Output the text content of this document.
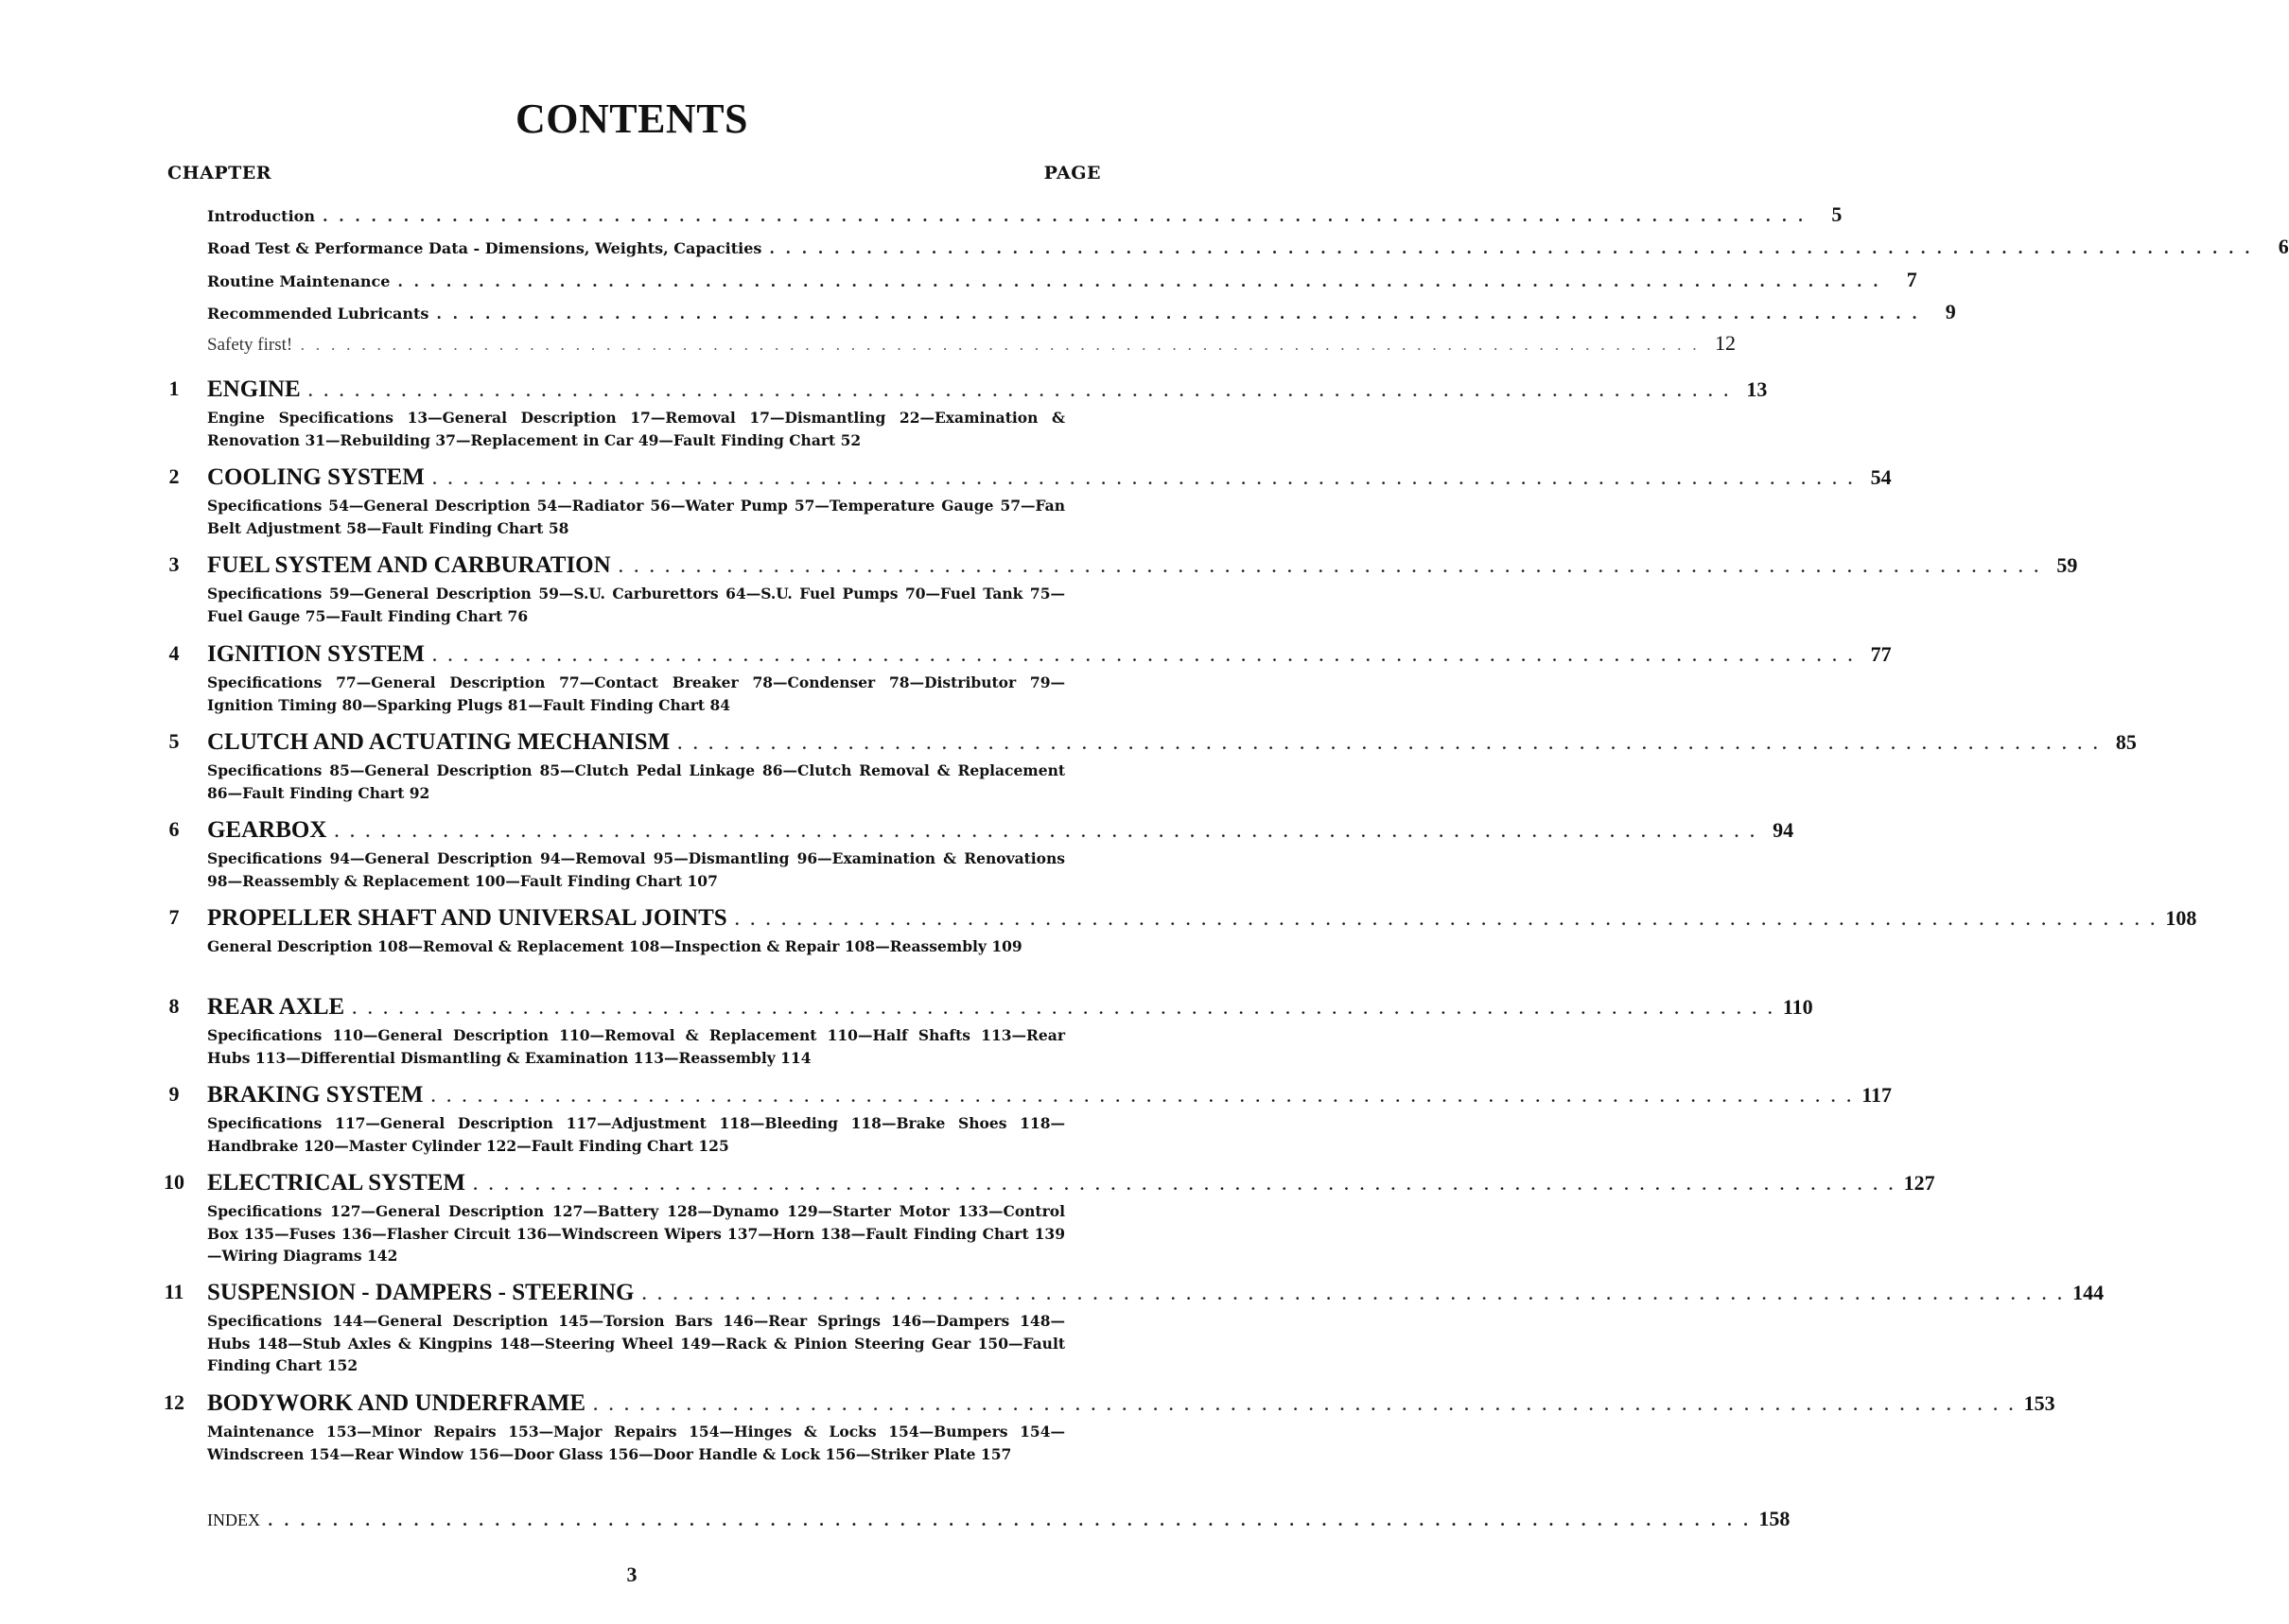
CONTENTS
CHAPTER	PAGE
Introduction . . . . . . . . . . . . . . . . . . . . . . . . . . . . . . . . . . . . . . . . . . . . . . . . . . . . . . . . . . . . . . . . . . . . . . . . . . . . . . . . . . . . . . . . . . . .	5
Road Test & Performance Data - Dimensions, Weights, Capacities . . . . . . . . . . . . . . . . . . . . . . . . . . . . . . . . . . . . . . . . . . . . . . . . . . . . . . . . . . . . . . . . . . . . . . . . . . . . . . . . . . . . . . . . . . . .	6
Routine Maintenance . . . . . . . . . . . . . . . . . . . . . . . . . . . . . . . . . . . . . . . . . . . . . . . . . . . . . . . . . . . . . . . . . . . . . . . . . . . . . . . . . . . . . . . . . . . .	7
Recommended Lubricants . . . . . . . . . . . . . . . . . . . . . . . . . . . . . . . . . . . . . . . . . . . . . . . . . . . . . . . . . . . . . . . . . . . . . . . . . . . . . . . . . . . . . . . . . . . .	9
Safety first! . . . . . . . . . . . . . . . . . . . . . . . . . . . . . . . . . . . . . . . . . . . . . . . . . . . . . . . . . . . . . . . . . . . . . . . . . . . . . . . . . . . . . . . . . . . . 12
1	ENGINE . . . . . . . . . . . . . . . . . . . . . . . . . . . . . . . . . . . . . . . . . . . . . . . . . . . . . . . . . . . . . . . . . . . . . . . . . . . . . . . . . . . . . . . . . . . . 13
Engine Specifications 13—General Description 17—Removal 17—Dismantling 22—Examination & Renovation 31—Rebuilding 37—Replacement in Car 49—Fault Finding Chart 52
2	COOLING SYSTEM . . . . . . . . . . . . . . . . . . . . . . . . . . . . . . . . . . . . . . . . . . . . . . . . . . . . . . . . . . . . . . . . . . . . . . . . . . . . . . . . . . . . . . . . . . . . 54
Specifications 54—General Description 54—Radiator 56—Water Pump 57—Temperature Gauge 57—Fan Belt Adjustment 58—Fault Finding Chart 58
3	FUEL SYSTEM AND CARBURATION . . . . . . . . . . . . . . . . . . . . . . . . . . . . . . . . . . . . . . . . . . . . . . . . . . . . . . . . . . . . . . . . . . . . . . . . . . . . . . . . . . . . . . . . . . . . 59
Specifications 59—General Description 59—S.U. Carburettors 64—S.U. Fuel Pumps 70—Fuel Tank 75—Fuel Gauge 75—Fault Finding Chart 76
4	IGNITION SYSTEM . . . . . . . . . . . . . . . . . . . . . . . . . . . . . . . . . . . . . . . . . . . . . . . . . . . . . . . . . . . . . . . . . . . . . . . . . . . . . . . . . . . . . . . . . . . . 77
Specifications 77—General Description 77—Contact Breaker 78—Condenser 78—Distributor 79—Ignition Timing 80—Sparking Plugs 81—Fault Finding Chart 84
5	CLUTCH AND ACTUATING MECHANISM . . . . . . . . . . . . . . . . . . . . . . . . . . . . . . . . . . . . . . . . . . . . . . . . . . . . . . . . . . . . . . . . . . . . . . . . . . . . . . . . . . . . . . . . . . . . 85
Specifications 85—General Description 85—Clutch Pedal Linkage 86—Clutch Removal & Replacement 86—Fault Finding Chart 92
6	GEARBOX . . . . . . . . . . . . . . . . . . . . . . . . . . . . . . . . . . . . . . . . . . . . . . . . . . . . . . . . . . . . . . . . . . . . . . . . . . . . . . . . . . . . . . . . . . . . 94
Specifications 94—General Description 94—Removal 95—Dismantling 96—Examination & Renovations 98—Reassembly & Replacement 100—Fault Finding Chart 107
7	PROPELLER SHAFT AND UNIVERSAL JOINTS . . . . . . . . . . . . . . . . . . . . . . . . . . . . . . . . . . . . . . . . . . . . . . . . . . . . . . . . . . . . . . . . . . . . . . . . . . . . . . . . . . . . . . . . . . . . 108
General Description 108—Removal & Replacement 108—Inspection & Repair 108—Reassembly 109
8	REAR AXLE . . . . . . . . . . . . . . . . . . . . . . . . . . . . . . . . . . . . . . . . . . . . . . . . . . . . . . . . . . . . . . . . . . . . . . . . . . . . . . . . . . . . . . . . . . . . 110
Specifications 110—General Description 110—Removal & Replacement 110—Half Shafts 113—Rear Hubs 113—Differential Dismantling & Examination 113—Reassembly 114
9	BRAKING SYSTEM . . . . . . . . . . . . . . . . . . . . . . . . . . . . . . . . . . . . . . . . . . . . . . . . . . . . . . . . . . . . . . . . . . . . . . . . . . . . . . . . . . . . . . . . . . . . 117
Specifications 117—General Description 117—Adjustment 118—Bleeding 118—Brake Shoes 118—Handbrake 120—Master Cylinder 122—Fault Finding Chart 125
10 ELECTRICAL SYSTEM . . . . . . . . . . . . . . . . . . . . . . . . . . . . . . . . . . . . . . . . . . . . . . . . . . . . . . . . . . . . . . . . . . . . . . . . . . . . . . . . . . . . . . . . . . . . 127
Specifications 127—General Description 127—Battery 128—Dynamo 129—Starter Motor 133—Control Box 135—Fuses 136—Flasher Circuit 136—Windscreen Wipers 137—Horn 138—Fault Finding Chart 139—Wiring Diagrams 142
11 SUSPENSION - DAMPERS - STEERING . . . . . . . . . . . . . . . . . . . . . . . . . . . . . . . . . . . . . . . . . . . . . . . . . . . . . . . . . . . . . . . . . . . . . . . . . . . . . . . . . . . . . . . . . . . . 144
Specifications 144—General Description 145—Torsion Bars 146—Rear Springs 146—Dampers 148—Hubs 148—Stub Axles & Kingpins 148—Steering Wheel 149—Rack & Pinion Steering Gear 150—Fault Finding Chart 152
12 BODYWORK AND UNDERFRAME . . . . . . . . . . . . . . . . . . . . . . . . . . . . . . . . . . . . . . . . . . . . . . . . . . . . . . . . . . . . . . . . . . . . . . . . . . . . . . . . . . . . . . . . . . . . 153
Maintenance 153—Minor Repairs 153—Major Repairs 154—Hinges & Locks 154—Bumpers 154—Windscreen 154—Rear Window 156—Door Glass 156—Door Handle & Lock 156—Striker Plate 157
INDEX . . . . . . . . . . . . . . . . . . . . . . . . . . . . . . . . . . . . . . . . . . . . . . . . . . . . . . . . . . . . . . . . . . . . . . . . . . . . . . . . . . . . . . . . . . . . 158
3
